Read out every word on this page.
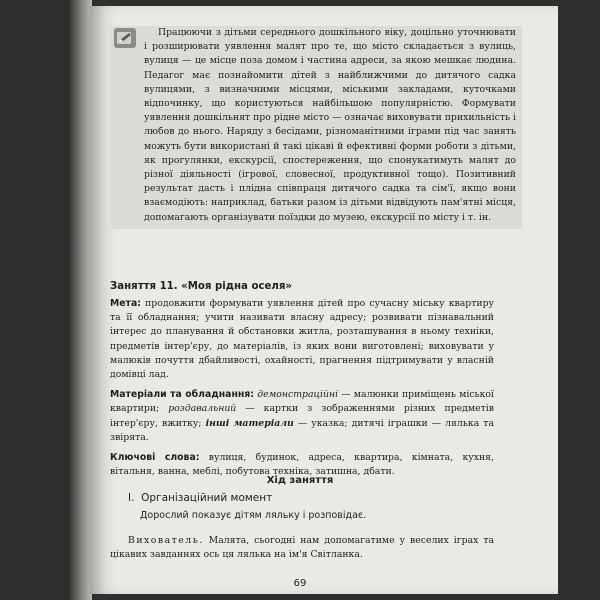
Працюючи з дітьми середнього дошкільного віку, доцільно уточнювати і розширювати уявлення малят про те, що місто складається з вулиць, вулиця — це місце поза домом і частина адреси, за якою мешкає людина. Педагог має познайомити дітей з найближчими до дитячого садка вулицями, з визначними місцями, міськими закладами, куточками відпочинку, що користуються найбільшою популярністю. Формувати уявлення дошкільнят про рідне місто — означає виховувати прихильність і любов до нього. Наряду з бесідами, різноманітними іграми під час занять можуть бути використані й такі цікаві й ефективні форми роботи з дітьми, як прогулянки, екскурсії, спостереження, що спонукатимуть малят до різної діяльності (ігрової, словесної, продуктивної тощо). Позитивний результат дасть і плідна співпраця дитячого садка та сім'ї, якщо вони взаємодіють: наприклад, батьки разом із дітьми відвідують пам'ятні місця, допомагають організувати поїздки до музею, екскурсії по місту і т. ін.

Заняття 11. «Моя рідна оселя»

Мета: продовжити формувати уявлення дітей про сучасну міську квартиру та її обладнання; учити називати власну адресу; розвивати пізнавальний інтерес до планування й обстановки житла, розташування в ньому техніки, предметів інтер'єру, до матеріалів, із яких вони виготовлені; виховувати у малюків почуття дбайливості, охайності, прагнення підтримувати у власній домівці лад.

Матеріали та обладнання: демонстраційні — малюнки приміщень міської квартири; роздавальний — картки з зображеннями різних предметів інтер'єру, вжитку; інші матеріали — указка; дитячі іграшки — лялька та звірята.

Ключові слова: вулиця, будинок, адреса, квартира, кімната, кухня, вітальня, ванна, меблі, побутова техніка, затишна, дбати.

Хід заняття
I. Організаційний момент
Дорослий показує дітям ляльку і розповідає.

Вихователь. Малята, сьогодні нам допомагатиме у веселих іграх та цікавих завданнях ось ця лялька на ім'я Світланка.

69
